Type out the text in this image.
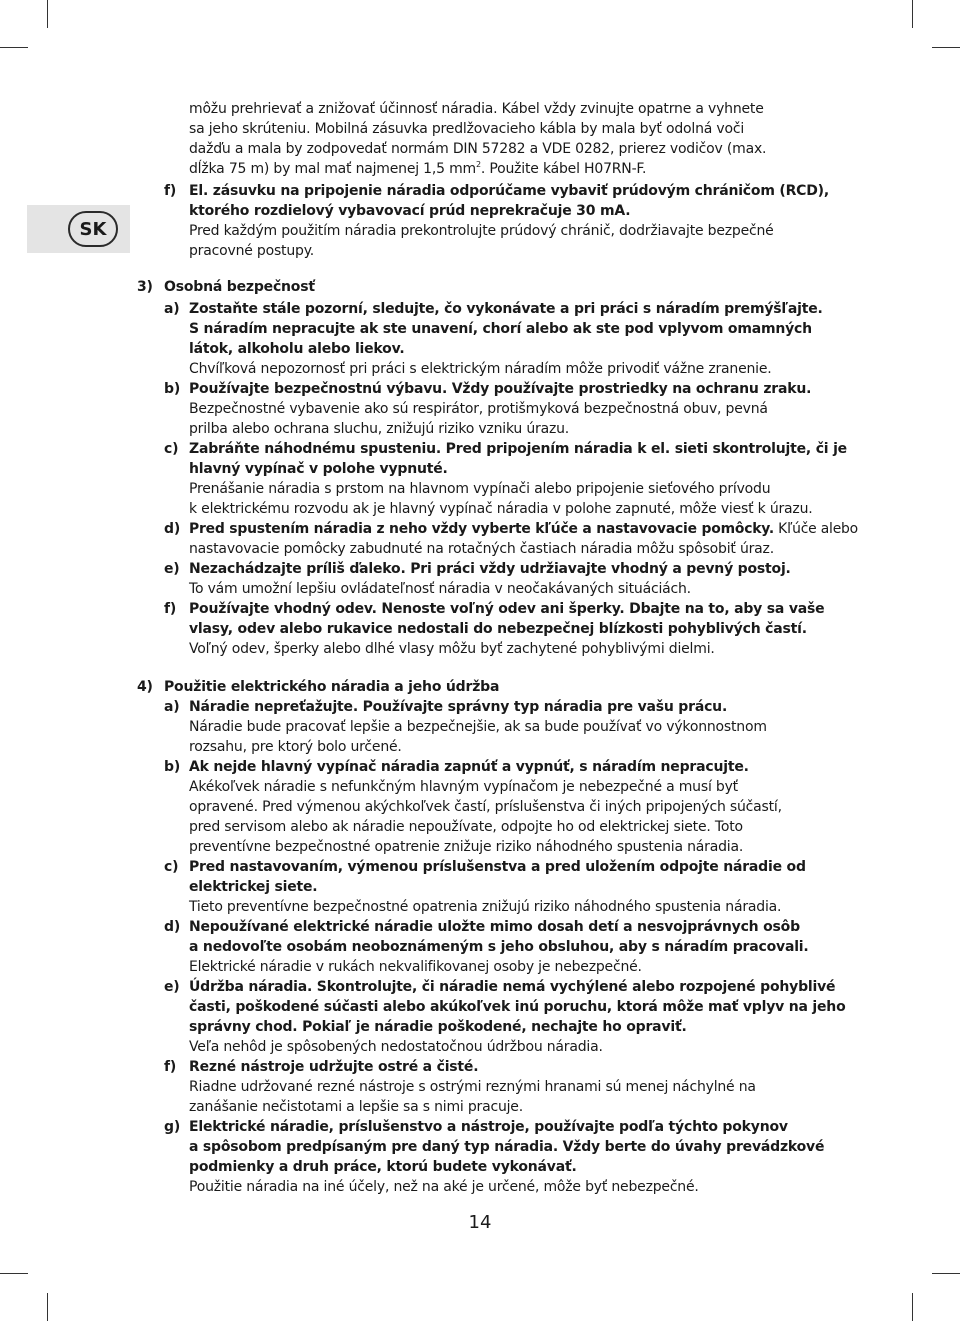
SK
môžu prehrievať a znižovať účinnosť náradia. Kábel vždy zvinujte opatrne a vyhnete
sa jeho skrúteniu. Mobilná zásuvka predlžovacieho kábla by mala byť odolná voči
dažďu a mala by zodpovedať normám DIN 57282 a VDE 0282, prierez vodičov (max.
dĺžka 75 m) by mal mať najmenej 1,5 $mm^2$. Použite kábel H07RN-F.
f) El. zásuvku na pripojenie náradia odporúčame vybaviť prúdovým chráničom (RCD),
ktorého rozdielový vybavovací prúd neprekračuje 30 mA.
Pred každým použitím náradia prekontrolujte prúdový chránič, dodržiavajte bezpečné
pracovné postupy.
3) Osobná bezpečnosť
a) Zostaňte stále pozorní, sledujte, čo vykonávate a pri práci s náradím premýšľajte.
S náradím nepracujte ak ste unavení, chorí alebo ak ste pod vplyvom omamných
látok, alkoholu alebo liekov.
Chvíľková nepozornosť pri práci s elektrickým náradím môže privodiť vážne zranenie.
b) Používajte bezpečnostnú výbavu. Vždy používajte prostriedky na ochranu zraku.
Bezpečnostné vybavenie ako sú respirátor, protišmyková bezpečnostná obuv, pevná
prilba alebo ochrana sluchu, znižujú riziko vzniku úrazu.
c) Zabráňte náhodnému spusteniu. Pred pripojením náradia k el. sieti skontrolujte, či je
hlavný vypínač v polohe vypnuté.
Prenášanie náradia s prstom na hlavnom vypínači alebo pripojenie sieťového prívodu
k elektrickému rozvodu ak je hlavný vypínač náradia v polohe zapnuté, môže viesť k úrazu.
d) Pred spustením náradia z neho vždy vyberte kľúče a nastavovacie pomôcky. Kľúče alebo
nastavovacie pomôcky zabudnuté na rotačných častiach náradia môžu spôsobiť úraz.
e) Nezachádzajte príliš ďaleko. Pri práci vždy udržiavajte vhodný a pevný postoj.
To vám umožní lepšiu ovládateľnosť náradia v neočakávaných situáciách.
f) Používajte vhodný odev. Nenoste voľný odev ani šperky. Dbajte na to, aby sa vaše
vlasy, odev alebo rukavice nedostali do nebezpečnej blízkosti pohyblivých častí.
Voľný odev, šperky alebo dlhé vlasy môžu byť zachytené pohyblivými dielmi.
4) Použitie elektrického náradia a jeho údržba
a) Náradie nepreťažujte. Používajte správny typ náradia pre vašu prácu.
Náradie bude pracovať lepšie a bezpečnejšie, ak sa bude používať vo výkonnostnom
rozsahu, pre ktorý bolo určené.
b) Ak nejde hlavný vypínač náradia zapnúť a vypnúť, s náradím nepracujte.
Akékoľvek náradie s nefunkčným hlavným vypínačom je nebezpečné a musí byť
opravené. Pred výmenou akýchkoľvek častí, príslušenstva či iných pripojených súčastí,
pred servisom alebo ak náradie nepoužívate, odpojte ho od elektrickej siete. Toto
preventívne bezpečnostné opatrenie znižuje riziko náhodného spustenia náradia.
c) Pred nastavovaním, výmenou príslušenstva a pred uložením odpojte náradie od
elektrickej siete.
Tieto preventívne bezpečnostné opatrenia znižujú riziko náhodného spustenia náradia.
d) Nepoužívané elektrické náradie uložte mimo dosah detí a nesvojprávnych osôb
a nedovoľte osobám neoboznámeným s jeho obsluhou, aby s náradím pracovali.
Elektrické náradie v rukách nekvalifikovanej osoby je nebezpečné.
e) Údržba náradia. Skontrolujte, či náradie nemá vychýlené alebo rozpojené pohyblivé
časti, poškodené súčasti alebo akúkoľvek inú poruchu, ktorá môže mať vplyv na jeho
správny chod. Pokiaľ je náradie poškodené, nechajte ho opraviť.
Veľa nehôd je spôsobených nedostatočnou údržbou náradia.
f) Rezné nástroje udržujte ostré a čisté.
Riadne udržované rezné nástroje s ostrými reznými hranami sú menej náchylné na
zanášanie nečistotami a lepšie sa s nimi pracuje.
g) Elektrické náradie, príslušenstvo a nástroje, používajte podľa týchto pokynov
a spôsobom predpísaným pre daný typ náradia. Vždy berte do úvahy prevádzkové
podmienky a druh práce, ktorú budete vykonávať.
Použitie náradia na iné účely, než na aké je určené, môže byť nebezpečné.
14
